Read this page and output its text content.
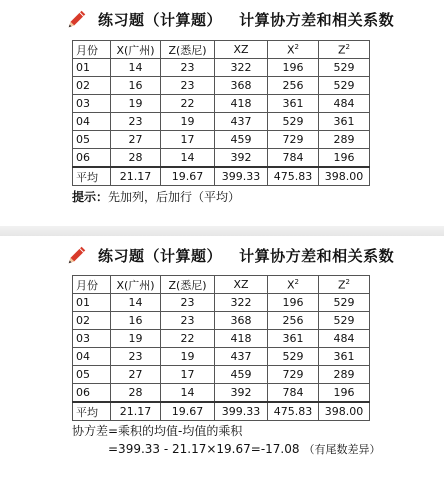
练习题（计算题）   计算协方差和相关系数
月份	X(广州)	Z(悉尼)	XZ	$X^2$	$Z^2$
01	14	23	322	196	529
02	16	23	368	256	529
03	19	22	418	361	484
04	23	19	437	529	361
05	27	17	459	729	289
06	28	14	392	784	196
平均	21.17	19.67	399.33	475.83	398.00
提示：先加列，后加行（平均）
练习题（计算题）   计算协方差和相关系数
月份	X(广州)	Z(悉尼)	XZ	$X^2$	$Z^2$
01	14	23	322	196	529
02	16	23	368	256	529
03	19	22	418	361	484
04	23	19	437	529	361
05	27	17	459	729	289
06	28	14	392	784	196
平均	21.17	19.67	399.33	475.83	398.00
协方差=乘积的均值-均值的乘积
=399.33 - 21.17×19.67=-17.08 （有尾数差异）
